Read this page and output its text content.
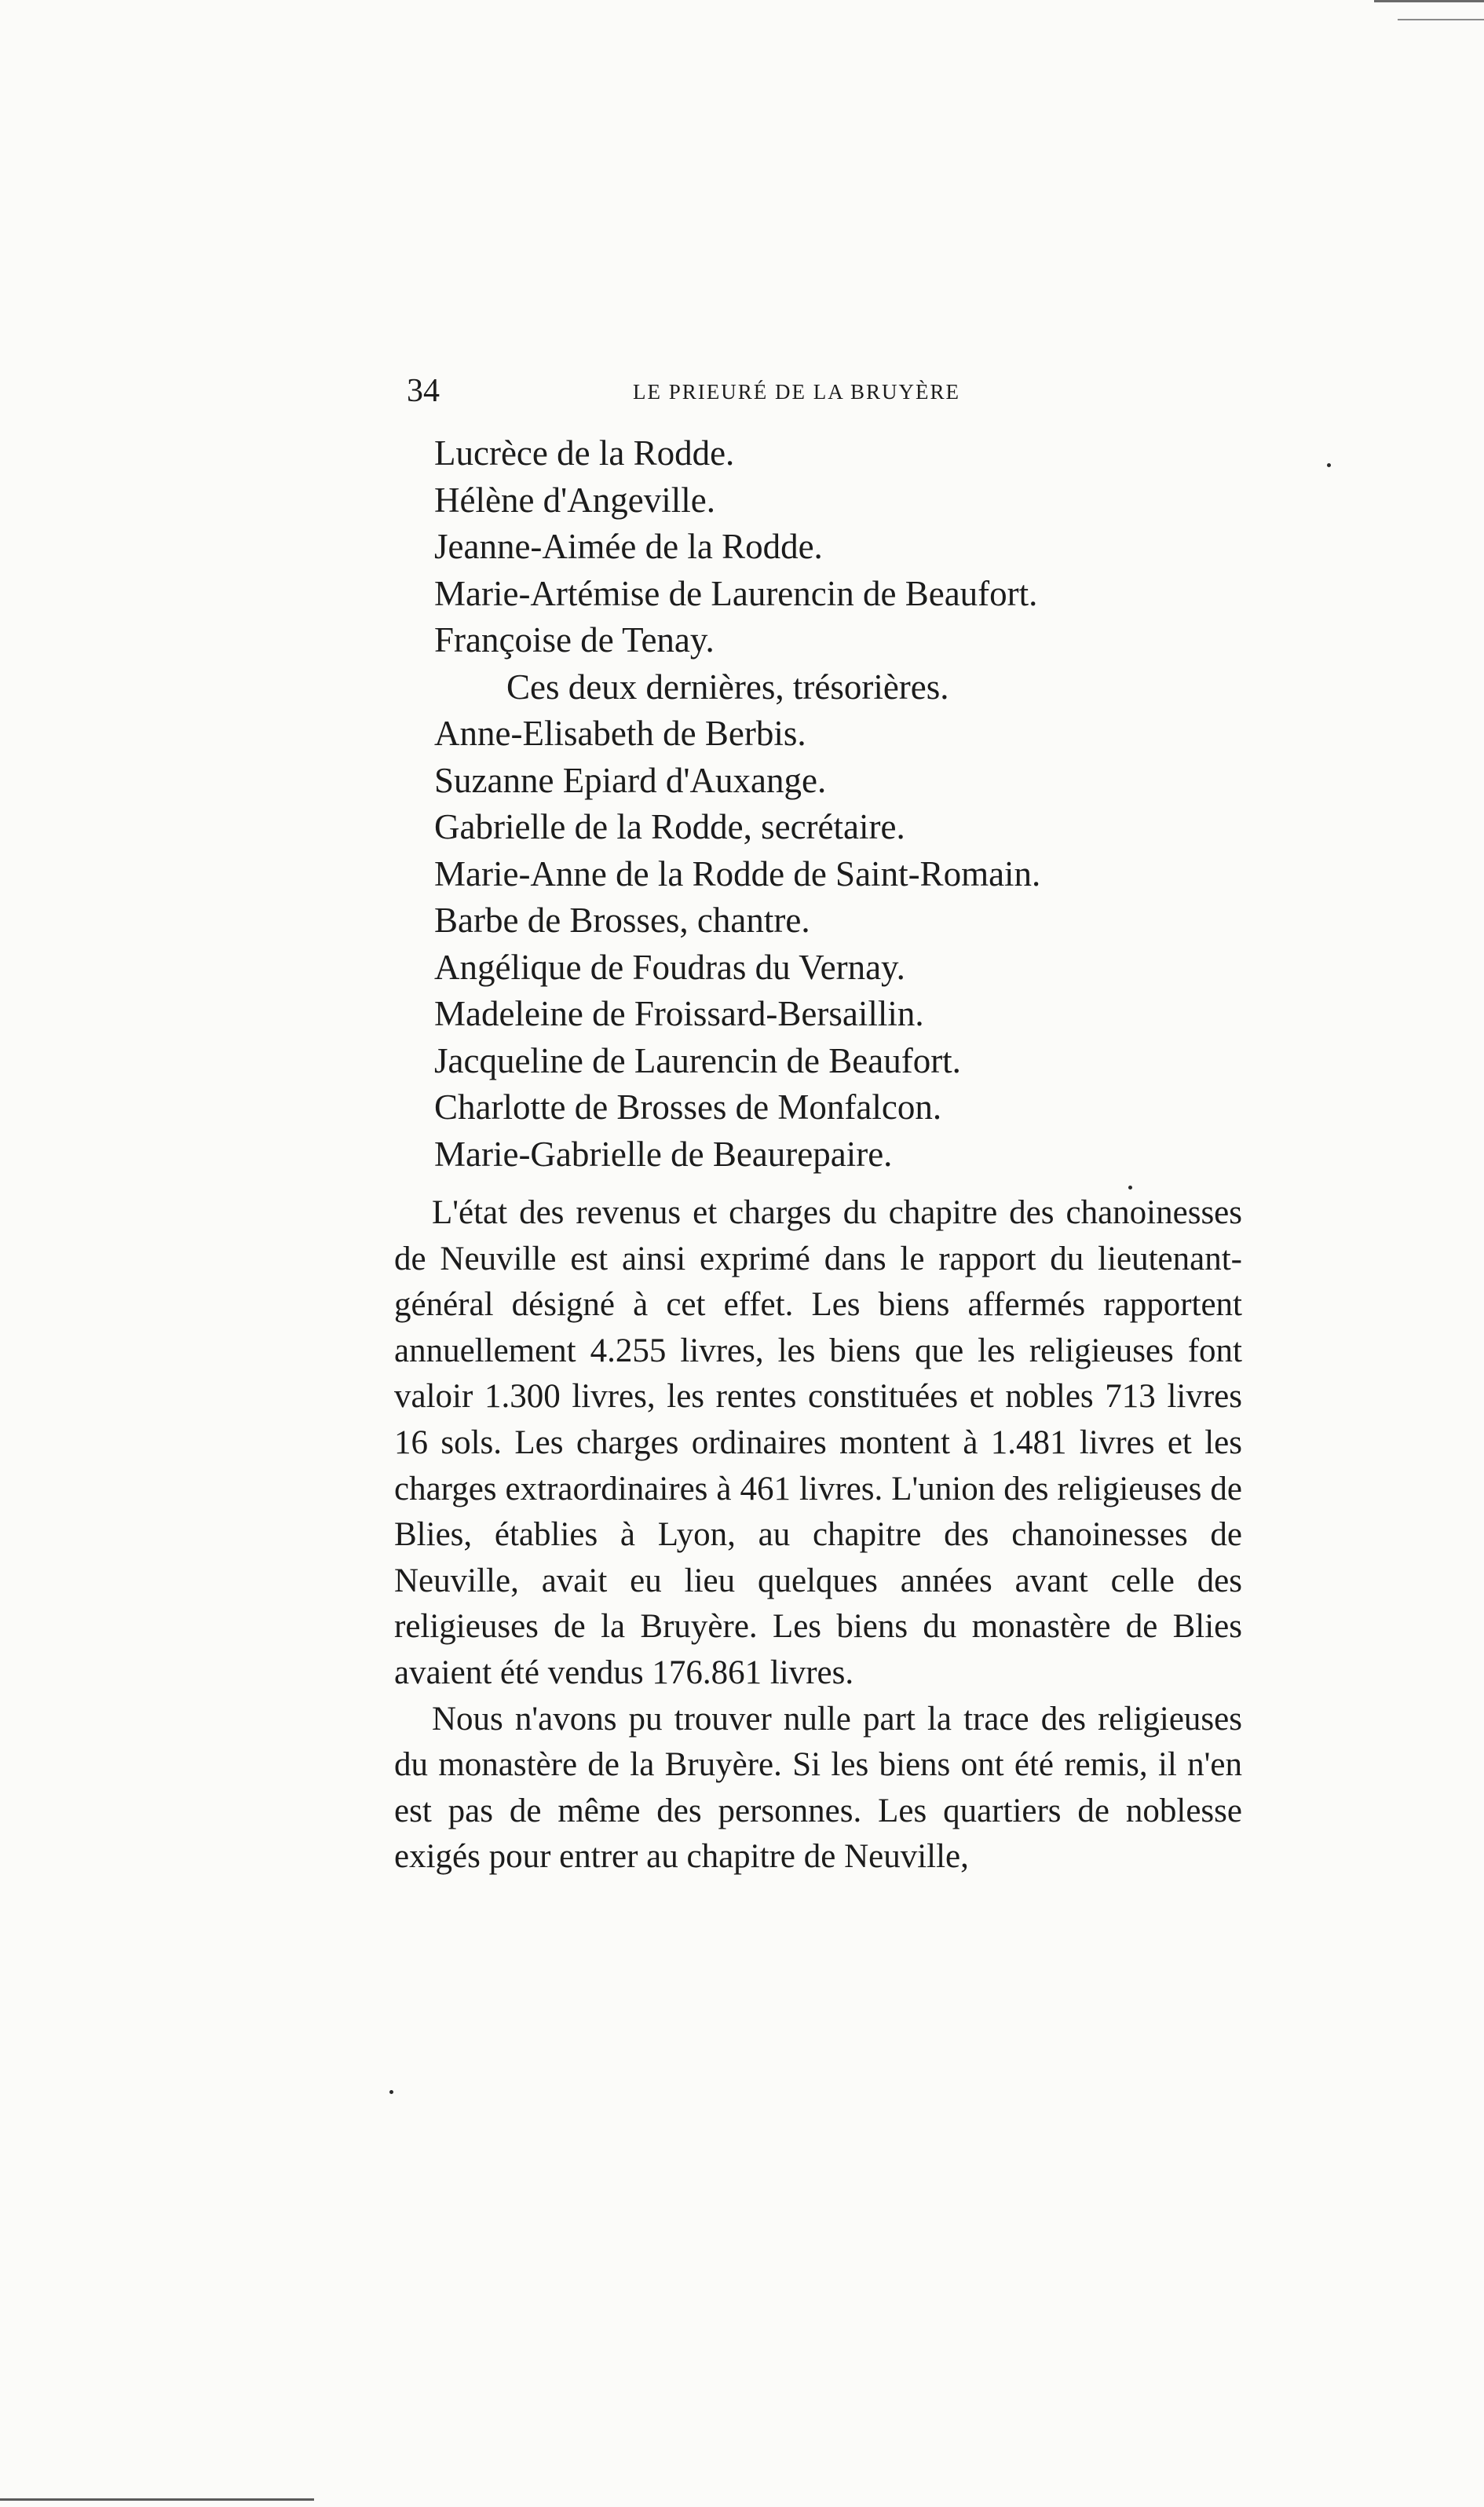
34	LE PRIEURÉ DE LA BRUYÈRE
Lucrèce de la Rodde.
Hélène d'Angeville.
Jeanne-Aimée de la Rodde.
Marie-Artémise de Laurencin de Beaufort.
Françoise de Tenay.
Ces deux dernières, trésorières.
Anne-Elisabeth de Berbis.
Suzanne Epiard d'Auxange.
Gabrielle de la Rodde, secrétaire.
Marie-Anne de la Rodde de Saint-Romain.
Barbe de Brosses, chantre.
Angélique de Foudras du Vernay.
Madeleine de Froissard-Bersaillin.
Jacqueline de Laurencin de Beaufort.
Charlotte de Brosses de Monfalcon.
Marie-Gabrielle de Beaurepaire.

L'état des revenus et charges du chapitre des chanoinesses de Neuville est ainsi exprimé dans le rapport du lieutenant-général désigné à cet effet. Les biens affermés rapportent annuellement 4.255 livres, les biens que les religieuses font valoir 1.300 livres, les rentes constituées et nobles 713 livres 16 sols. Les charges ordinaires montent à 1.481 livres et les charges extraordinaires à 461 livres. L'union des religieuses de Blies, établies à Lyon, au chapitre des chanoinesses de Neuville, avait eu lieu quelques années avant celle des religieuses de la Bruyère. Les biens du monastère de Blies avaient été vendus 176.861 livres.

Nous n'avons pu trouver nulle part la trace des religieuses du monastère de la Bruyère. Si les biens ont été remis, il n'en est pas de même des personnes. Les quartiers de noblesse exigés pour entrer au chapitre de Neuville,
